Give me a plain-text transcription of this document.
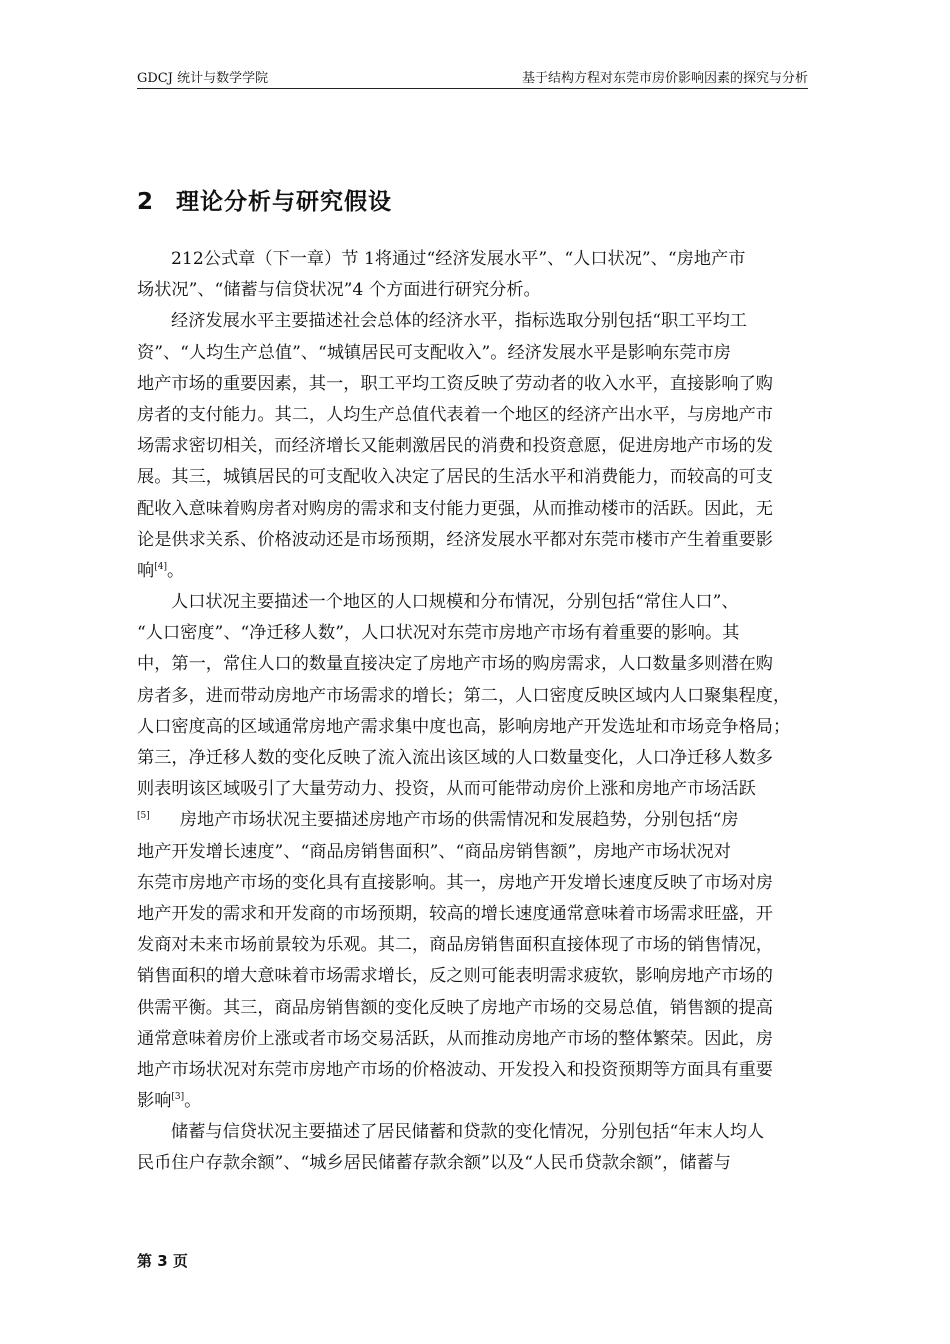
GDCJ 统计与数学学院	基于结构方程对东莞市房价影响因素的探究与分析
2 理论分析与研究假设
212公式章（下一章）节 1将通过“经济发展水平”、“人口状况”、“房地产市
场状况”、“储蓄与信贷状况”4 个方面进行研究分析。
经济发展水平主要描述社会总体的经济水平，指标选取分别包括“职工平均工
资”、“人均生产总值”、“城镇居民可支配收入”。经济发展水平是影响东莞市房
地产市场的重要因素，其一，职工平均工资反映了劳动者的收入水平，直接影响了购
房者的支付能力。其二，人均生产总值代表着一个地区的经济产出水平，与房地产市
场需求密切相关，而经济增长又能刺激居民的消费和投资意愿，促进房地产市场的发
展。其三，城镇居民的可支配收入决定了居民的生活水平和消费能力，而较高的可支
配收入意味着购房者对购房的需求和支付能力更强，从而推动楼市的活跃。因此，无
论是供求关系、价格波动还是市场预期，经济发展水平都对东莞市楼市产生着重要影
响[4]。
人口状况主要描述一个地区的人口规模和分布情况，分别包括“常住人口”、
“人口密度”、“净迁移人数”，人口状况对东莞市房地产市场有着重要的影响。其
中，第一，常住人口的数量直接决定了房地产市场的购房需求，人口数量多则潜在购
房者多，进而带动房地产市场需求的增长；第二，人口密度反映区域内人口聚集程度，
人口密度高的区域通常房地产需求集中度也高，影响房地产开发选址和市场竞争格局；
第三，净迁移人数的变化反映了流入流出该区域的人口数量变化，人口净迁移人数多
则表明该区域吸引了大量劳动力、投资，从而可能带动房价上涨和房地产市场活跃
[5] 房地产市场状况主要描述房地产市场的供需情况和发展趋势，分别包括“房
地产开发增长速度”、“商品房销售面积”、“商品房销售额”，房地产市场状况对
东莞市房地产市场的变化具有直接影响。其一，房地产开发增长速度反映了市场对房
地产开发的需求和开发商的市场预期，较高的增长速度通常意味着市场需求旺盛，开
发商对未来市场前景较为乐观。其二，商品房销售面积直接体现了市场的销售情况，
销售面积的增大意味着市场需求增长，反之则可能表明需求疲软，影响房地产市场的
供需平衡。其三，商品房销售额的变化反映了房地产市场的交易总值，销售额的提高
通常意味着房价上涨或者市场交易活跃，从而推动房地产市场的整体繁荣。因此，房
地产市场状况对东莞市房地产市场的价格波动、开发投入和投资预期等方面具有重要
影响[3]。
储蓄与信贷状况主要描述了居民储蓄和贷款的变化情况，分别包括“年末人均人
民币住户存款余额”、“城乡居民储蓄存款余额”以及“人民币贷款余额”，储蓄与
第 3 页
